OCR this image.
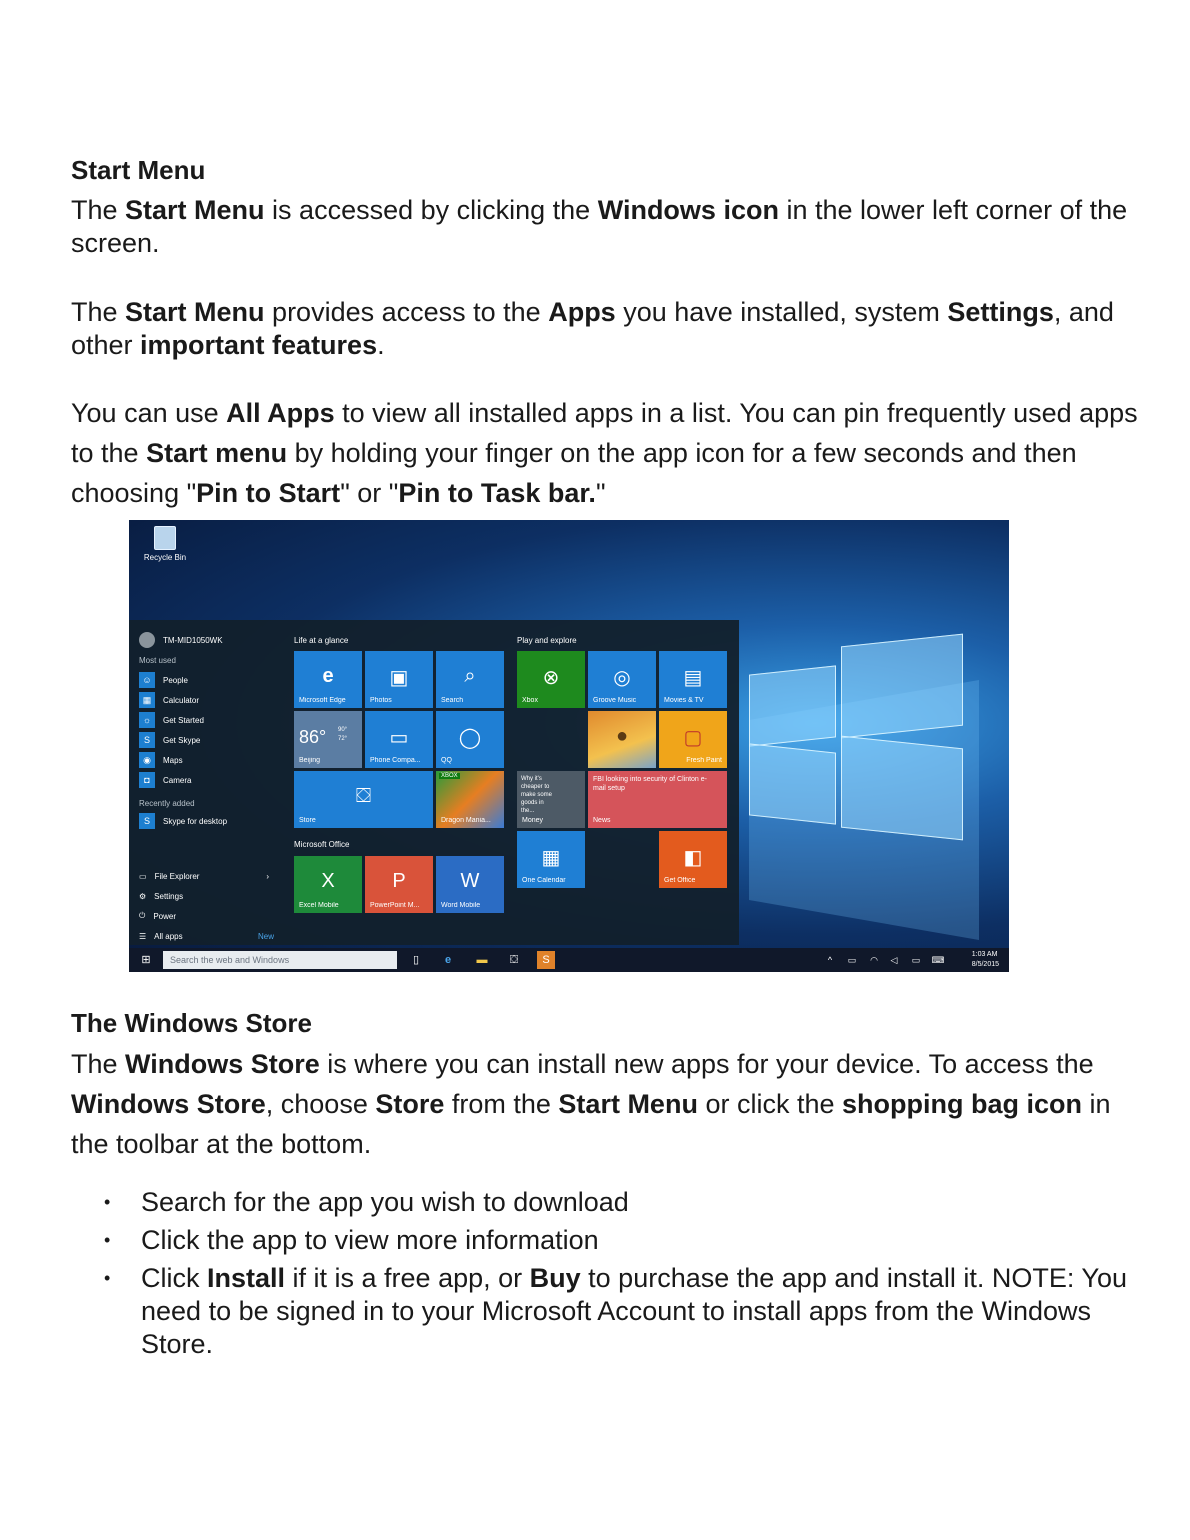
Start Menu

The Start Menu is accessed by clicking the Windows icon in the lower left corner of the screen.

The Start Menu provides access to the Apps you have installed, system Settings, and other important features.

You can use All Apps to view all installed apps in a list. You can pin frequently used apps to the Start menu by holding your finger on the app icon for a few seconds and then choosing "Pin to Start" or "Pin to Task bar."

Recycle Bin
TM-MID1050WK
Most used
☺	People
▦	Calculator
☼	Get Started
S	Get Skype
◉	Maps
◘	Camera
Recently added
S	Skype for desktop
▭ File Explorer	›
⚙ Settings
⏻ Power
☰ All apps	New
Life at a glance	Play and explore
Microsoft Office
e
Microsoft Edge
▣
Photos
⌕
Search
86° 90°
72°
Beijing
▭
Phone Compa...
◯
QQ
⛋
Store
XBOX
Dragon Mania...
⊗
Xbox
◎
Groove Music
▤
Movies & TV
●	▢
Fresh Paint
Why it's cheaper to make some goods in the...
Money
FBI looking into security of Clinton e-mail setup
News
▦
One Calendar
◧
Get Office
X
Excel Mobile
P
PowerPoint M...
W
Word Mobile
⊞	Search the web and Windows	▯	e	▬	⛋	S	^	▭	◠	◁	▭	⌨
1:03 AM
8/5/2015
The Windows Store

The Windows Store is where you can install new apps for your device. To access the Windows Store, choose Store from the Start Menu or click the shopping bag icon in the toolbar at the bottom.

• Search for the app you wish to download
• Click the app to view more information
• Click Install if it is a free app, or Buy to purchase the app and install it. NOTE: You need to be signed in to your Microsoft Account to install apps from the Windows Store.
